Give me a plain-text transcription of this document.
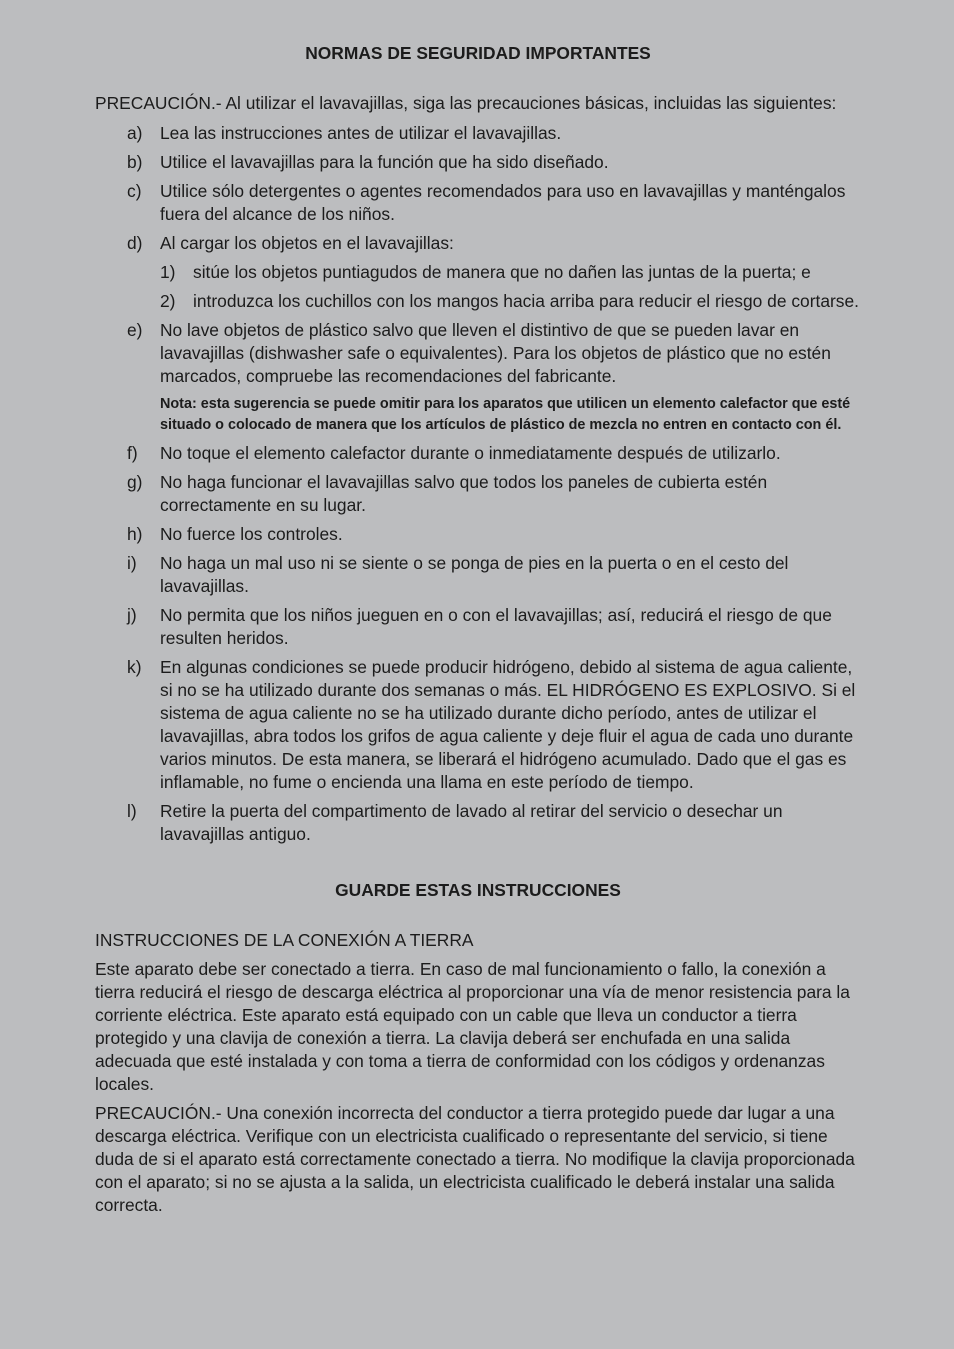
NORMAS DE SEGURIDAD IMPORTANTES

PRECAUCIÓN.- Al utilizar el lavavajillas, siga las precauciones básicas, incluidas las siguientes:

a)	Lea las instrucciones antes de utilizar el lavavajillas.
b)	Utilice el lavavajillas para la función que ha sido diseñado.
c)	Utilice sólo detergentes o agentes recomendados para uso en lavavajillas y manténgalos fuera del alcance de los niños.
d)	Al cargar los objetos en el lavavajillas:
1)	sitúe los objetos puntiagudos de manera que no dañen las juntas de la puerta; e
2)	introduzca los cuchillos con los mangos hacia arriba para reducir el riesgo de cortarse.
e)	No lave objetos de plástico salvo que lleven el distintivo de que se pueden lavar en lavavajillas (dishwasher safe o equivalentes). Para los objetos de plástico que no estén marcados, compruebe las recomendaciones del fabricante.

Nota: esta sugerencia se puede omitir para los aparatos que utilicen un elemento calefactor que esté situado o colocado de manera que los artículos de plástico de mezcla no entren en contacto con él.

f)	No toque el elemento calefactor durante o inmediatamente después de utilizarlo.
g)	No haga funcionar el lavavajillas salvo que todos los paneles de cubierta estén correctamente en su lugar.
h)	No fuerce los controles.
i)	No haga un mal uso ni se siente o se ponga de pies en la puerta o en el cesto del lavavajillas.
j)	No permita que los niños jueguen en o con el lavavajillas; así, reducirá el riesgo de que resulten heridos.
k)	En algunas condiciones se puede producir hidrógeno, debido al sistema de agua caliente, si no se ha utilizado durante dos semanas o más. EL HIDRÓGENO ES EXPLOSIVO. Si el sistema de agua caliente no se ha utilizado durante dicho período, antes de utilizar el lavavajillas, abra todos los grifos de agua caliente y deje fluir el agua de cada uno durante varios minutos. De esta manera, se liberará el hidrógeno acumulado. Dado que el gas es inflamable, no fume o encienda una llama en este período de tiempo.
l)	Retire la puerta del compartimento de lavado al retirar del servicio o desechar un lavavajillas antiguo.
GUARDE ESTAS INSTRUCCIONES

INSTRUCCIONES DE LA CONEXIÓN A TIERRA

Este aparato debe ser conectado a tierra. En caso de mal funcionamiento o fallo, la conexión a tierra reducirá el riesgo de descarga eléctrica al proporcionar una vía de menor resistencia para la corriente eléctrica. Este aparato está equipado con un cable que lleva un conductor a tierra protegido y una clavija de conexión a tierra. La clavija deberá ser enchufada en una salida adecuada que esté instalada y con toma a tierra de conformidad con los códigos y ordenanzas locales.

PRECAUCIÓN.- Una conexión incorrecta del conductor a tierra protegido puede dar lugar a una descarga eléctrica. Verifique con un electricista cualificado o representante del servicio, si tiene duda de si el aparato está correctamente conectado a tierra. No modifique la clavija proporcionada con el aparato; si no se ajusta a la salida, un electricista cualificado le deberá instalar una salida correcta.
